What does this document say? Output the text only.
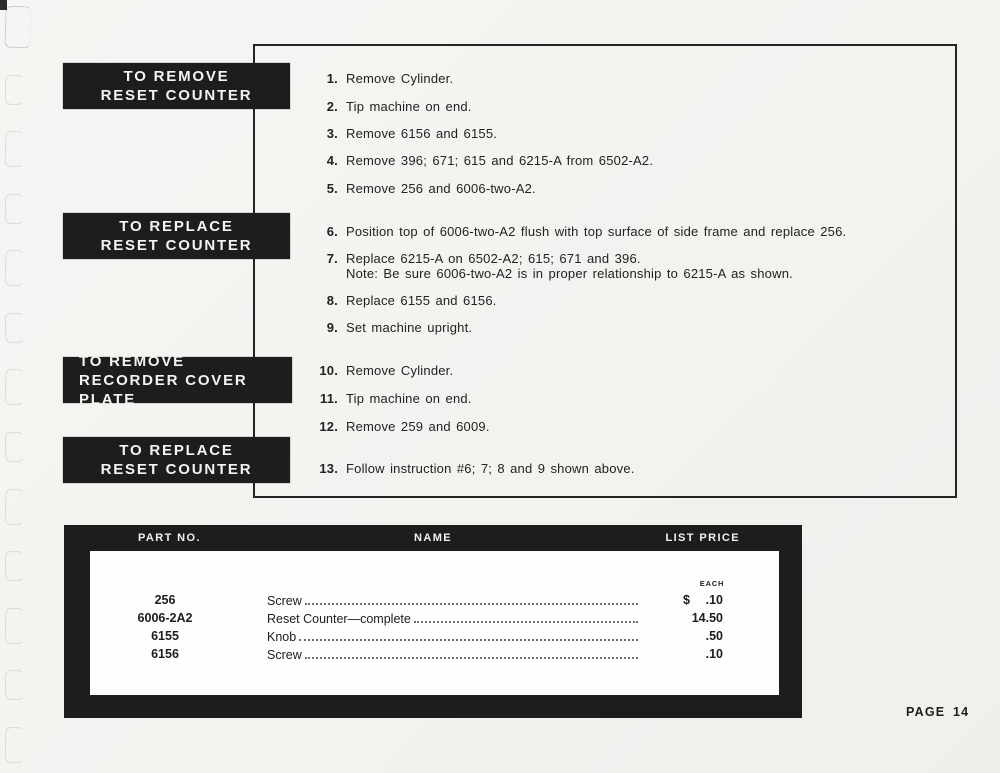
TO REMOVE
RESET COUNTER
TO REPLACE
RESET COUNTER
TO REMOVE
RECORDER COVER PLATE
TO REPLACE
RESET COUNTER
1. Remove Cylinder.
2. Tip machine on end.
3. Remove 6156 and 6155.
4. Remove 396; 671; 615 and 6215-A from 6502-A2.
5. Remove 256 and 6006-two-A2.
6. Position top of 6006-two-A2 flush with top surface of side frame and replace 256.
7. Replace 6215-A on 6502-A2; 615; 671 and 396.
Note: Be sure 6006-two-A2 is in proper relationship to 6215-A as shown.
8. Replace 6155 and 6156.
9. Set machine upright.
10. Remove Cylinder.
11. Tip machine on end.
12. Remove 259 and 6009.
13. Follow instruction #6; 7; 8 and 9 shown above.
PART NO.	NAME	LIST PRICE
EACH
256	Screw	$	.10
6006-2A2	Reset Counter—complete	14.50
6155	Knob	.50
6156	Screw	.10
PAGE 14
